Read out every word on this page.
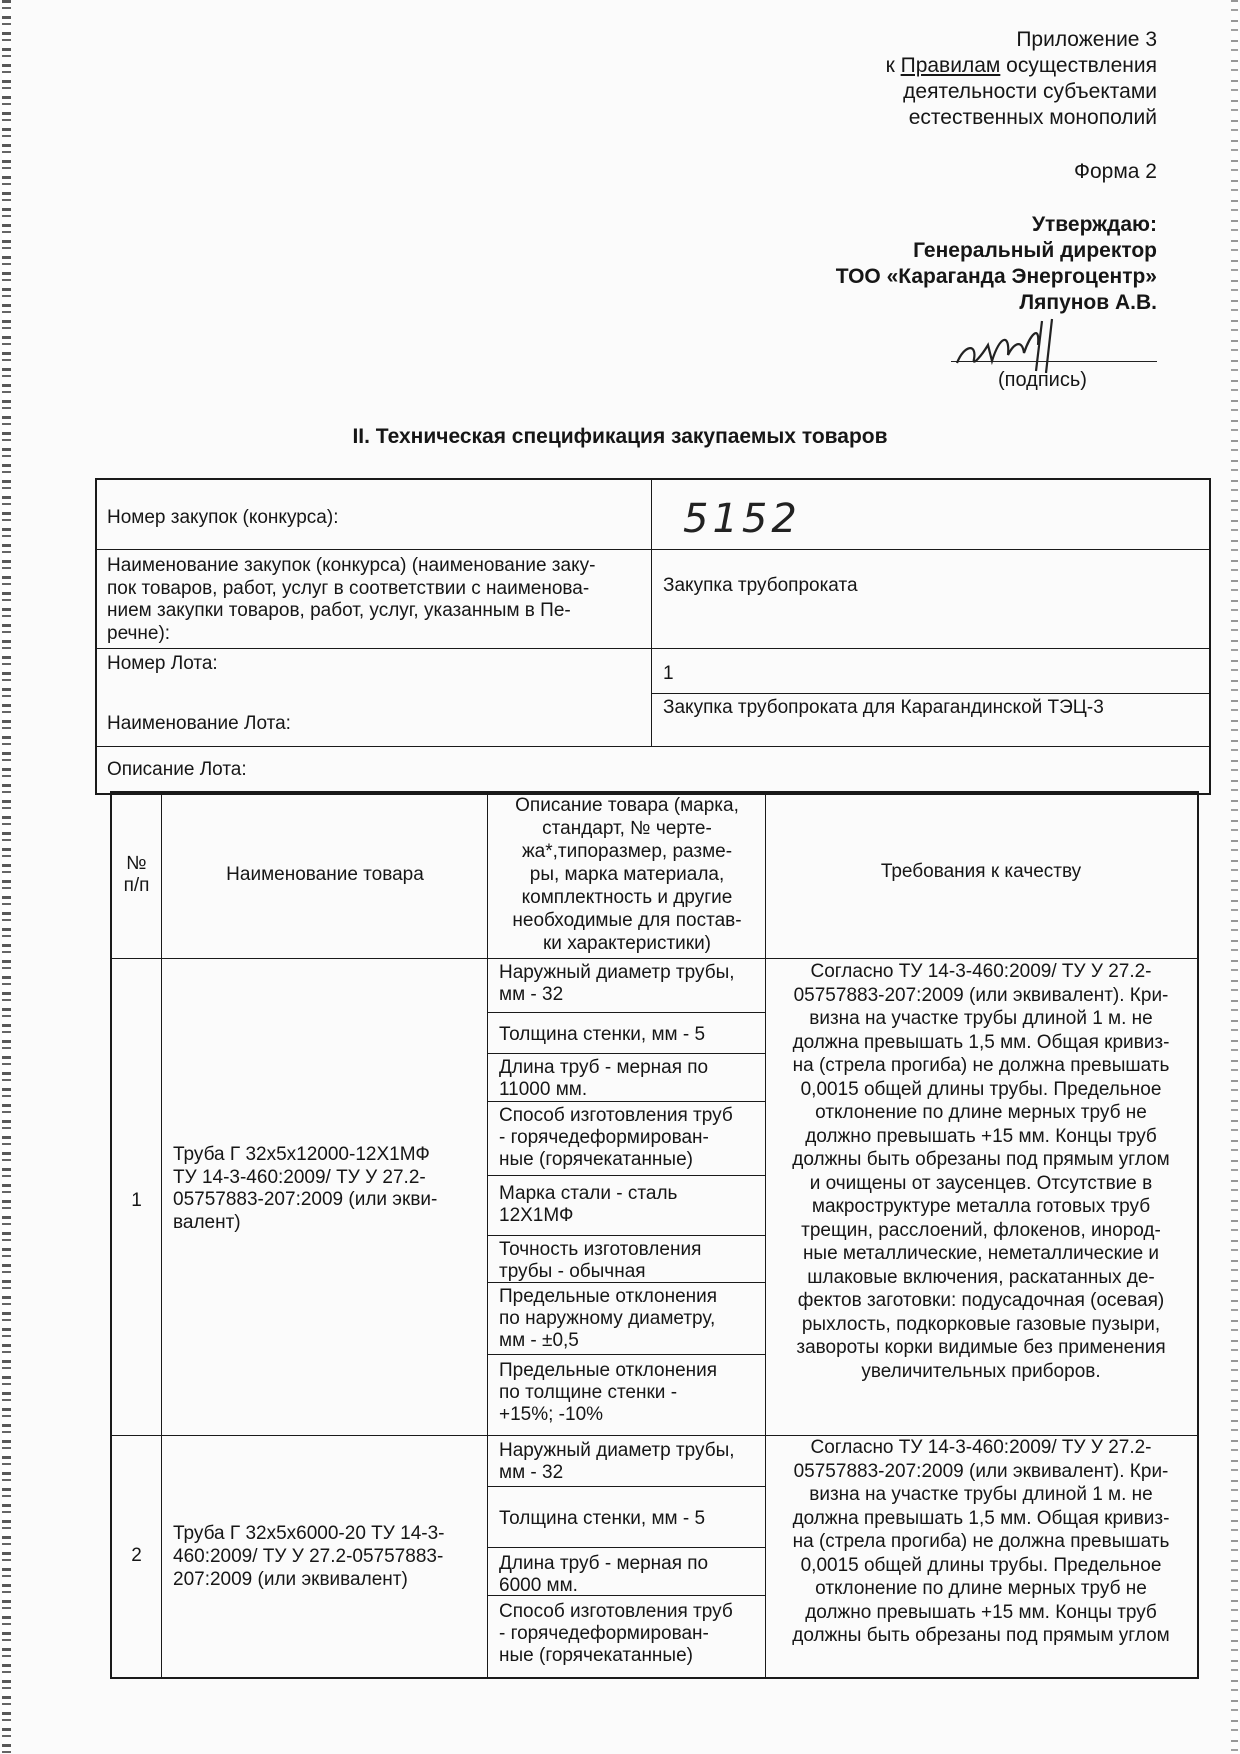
Приложение 3
к Правилам осуществления
деятельности субъектами
естественных монополий
Форма 2
Утверждаю:
Генеральный директор
ТОО «Караганда Энергоцентр»
Ляпунов А.В.
(подпись)
II. Техническая спецификация закупаемых товаров
Номер закупок (конкурса):	5152
Наименование закупок (конкурса) (наименование заку-
пок товаров, работ, услуг в соответствии с наименова-
нием закупки товаров, работ, услуг, указанным в Пе-
речне):
Закупка трубопроката
Номер Лота:	1
Наименование Лота:
Закупка трубопроката для Карагандинской ТЭЦ-3
Описание Лота:
№
п/п
Наименование товара
Описание товара (марка,
стандарт, № черте-
жа*,типоразмер, разме-
ры, марка материала,
комплектность и другие
необходимые для постав-
ки характеристики)
Требования к качеству
1
Труба Г 32х5х12000-12Х1МФ
ТУ 14-3-460:2009/ ТУ У 27.2-
05757883-207:2009 (или экви-
валент)
Наружный диаметр трубы,
мм - 32
Толщина стенки, мм - 5
Длина труб - мерная по
11000 мм.
Способ изготовления труб
- горячедеформирован-
ные (горячекатанные)
Марка стали - сталь
12Х1МФ
Точность изготовления
трубы - обычная
Предельные отклонения
по наружному диаметру,
мм - ±0,5
Предельные отклонения
по толщине стенки -
+15%; -10%
Согласно ТУ 14-3-460:2009/ ТУ У 27.2-
05757883-207:2009 (или эквивалент). Кри-
визна на участке трубы длиной 1 м. не
должна превышать 1,5 мм. Общая кривиз-
на (стрела прогиба) не должна превышать
0,0015 общей длины трубы. Предельное
отклонение по длине мерных труб не
должно превышать +15 мм. Концы труб
должны быть обрезаны под прямым углом
и очищены от заусенцев. Отсутствие в
макроструктуре металла готовых труб
трещин, расслоений, флокенов, инород-
ные металлические, неметаллические и
шлаковые включения, раскатанных де-
фектов заготовки: подусадочная (осевая)
рыхлость, подкорковые газовые пузыри,
завороты корки видимые без применения
увеличительных приборов.
2
Труба Г 32х5х6000-20 ТУ 14-3-
460:2009/ ТУ У 27.2-05757883-
207:2009 (или эквивалент)
Наружный диаметр трубы,
мм - 32
Толщина стенки, мм - 5
Длина труб - мерная по
6000 мм.
Способ изготовления труб
- горячедеформирован-
ные (горячекатанные)
Согласно ТУ 14-3-460:2009/ ТУ У 27.2-
05757883-207:2009 (или эквивалент). Кри-
визна на участке трубы длиной 1 м. не
должна превышать 1,5 мм. Общая кривиз-
на (стрела прогиба) не должна превышать
0,0015 общей длины трубы. Предельное
отклонение по длине мерных труб не
должно превышать +15 мм. Концы труб
должны быть обрезаны под прямым углом
